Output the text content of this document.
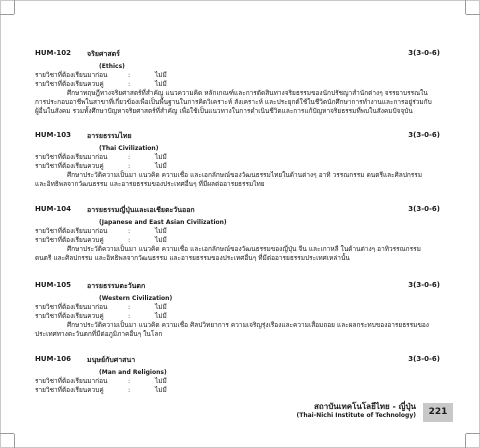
HUM-102 จริยศาสตร์	3(3-0-6)
(Ethics)
รายวิชาที่ต้องเรียนมาก่อน	:	ไม่มี
รายวิชาที่ต้องเรียนควบคู่	:	ไม่มี

ศึกษาทฤษฎีทางจริยศาสตร์ที่สำคัญ แนวความคิด หลักเกณฑ์และการตัดสินทางจริยธรรมของนักปรัชญาสำนักต่างๆ จรรยาบรรณในการประกอบอาชีพในสาขาที่เกี่ยวข้องเพื่อเป็นพื้นฐานในการคิดวิเคราะห์ สังเคราะห์ และประยุกต์ใช้ในชีวิตนักศึกษาการทำงานและการอยู่ร่วมกับผู้อื่นในสังคม รวมทั้งศึกษาปัญหาจริยศาสตร์ที่สำคัญ เพื่อใช้เป็นแนวทางในการดำเนินชีวิตและการแก้ปัญหาจริยธรรมที่พบในสังคมปัจจุบัน

HUM-103 อารยธรรมไทย	3(3-0-6)
(Thai Civilization)
รายวิชาที่ต้องเรียนมาก่อน	:	ไม่มี
รายวิชาที่ต้องเรียนควบคู่	:	ไม่มี

ศึกษาประวัติความเป็นมา แนวคิด ความเชื่อ และเอกลักษณ์ของวัฒนธรรมไทยในด้านต่างๆ อาทิ วรรณกรรม ดนตรีและศิลปกรรม และอิทธิพลจากวัฒนธรรม และอารยธรรมของประเทศอื่นๆ ที่มีผลต่ออารยธรรมไทย

HUM-104 อารยธรรมญี่ปุ่นและเอเชียตะวันออก	3(3-0-6)
(Japanese and East Asian Civilization)
รายวิชาที่ต้องเรียนมาก่อน	:	ไม่มี
รายวิชาที่ต้องเรียนควบคู่	:	ไม่มี

ศึกษาประวัติความเป็นมา แนวคิด ความเชื่อ และเอกลักษณ์ของวัฒนธรรมของญี่ปุ่น จีน และเกาหลี ในด้านต่างๆ อาทิวรรณกรรม ดนตรี และศิลปกรรม และอิทธิพลจากวัฒนธรรม และอารยธรรมของประเทศอื่นๆ ที่มีต่ออารยธรรมประเทศเหล่านั้น

HUM-105 อารยธรรมตะวันตก	3(3-0-6)
(Western Civilization)
รายวิชาที่ต้องเรียนมาก่อน	:	ไม่มี
รายวิชาที่ต้องเรียนควบคู่	:	ไม่มี

ศึกษาประวัติความเป็นมา แนวคิด ความเชื่อ ศิลปวิทยาการ ความเจริญรุ่งเรืองและความเสื่อมถอย และผลกระทบของอารยธรรมของประเทศทางตะวันตกที่มีต่อภูมิภาคอื่นๆ ในโลก

HUM-106 มนุษย์กับศาสนา	3(3-0-6)
(Man and Religions)
รายวิชาที่ต้องเรียนมาก่อน	:	ไม่มี
รายวิชาที่ต้องเรียนควบคู่	:	ไม่มี
สถาบันเทคโนโลยีไทย - ญี่ปุ่น
(Thai-Nichi Institute of Technology)	221
